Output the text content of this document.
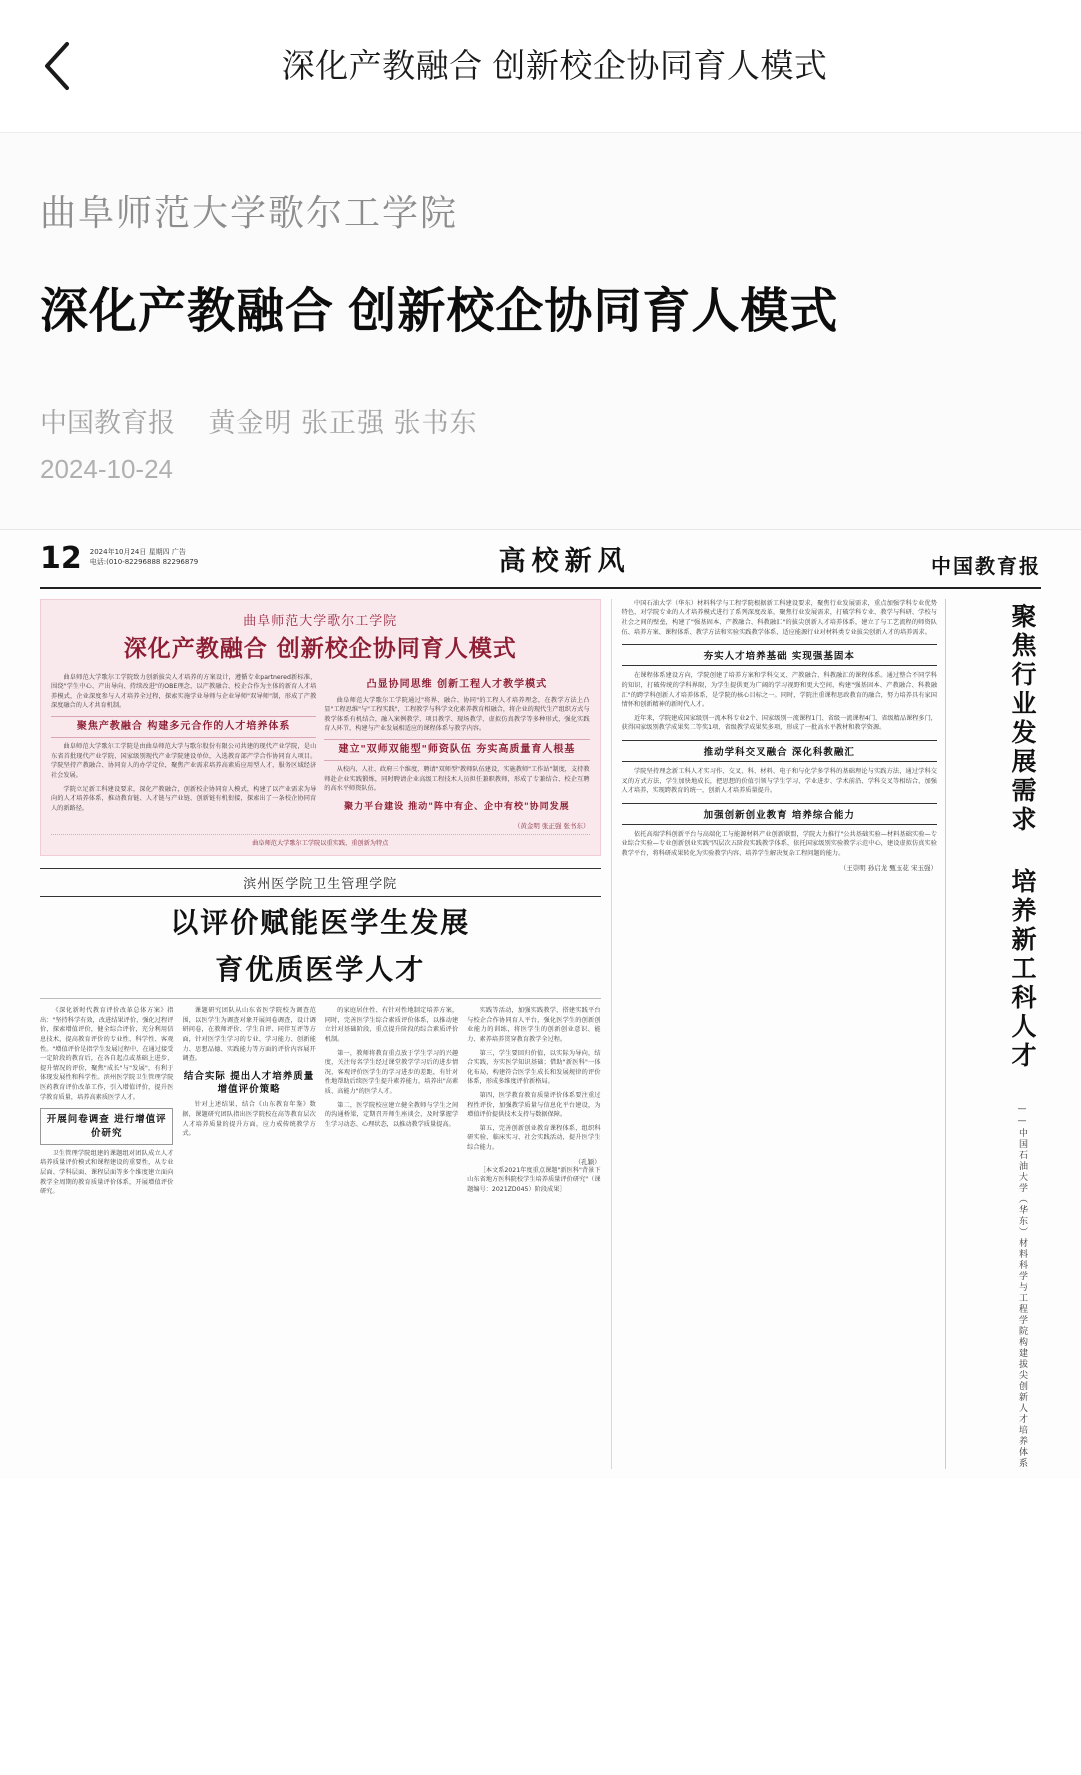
深化产教融合 创新校企协同育人模式
曲阜师范大学歌尔工学院
深化产教融合 创新校企协同育人模式
中国教育报 黄金明 张正强 张书东
2024-10-24
12 2024年10月24日 星期四 广告
电话:(010-82296888 82296879	高校新风	中国教育报
曲阜师范大学歌尔工学院
深化产教融合 创新校企协同育人模式

曲阜师范大学歌尔工学院致力创新拔尖人才培养的方案设计，遵循专业partnered新标准，围绕"学生中心、产出导向、持续改进"的OBE理念，以产教融合、校企合作为主体的新育人才培养模式，企业深度参与人才培养全过程，探索实施学业导师与企业导师"双导师"制，形成了产教深度融合的人才共育机制。

聚焦产教融合 构建多元合作的人才培养体系

曲阜师范大学歌尔工学院是由曲阜师范大学与歌尔股份有限公司共建的现代产业学院，是山东省首批现代产业学院、国家级别现代产业学院建设单位，入选教育部产学合作协同育人项目。学院坚持产教融合、协同育人的办学定位，聚焦产业需求培养高素质应用型人才，服务区域经济社会发展。

学院立足新工科建设要求，深化产教融合，创新校企协同育人模式，构建了以产业需求为导向的人才培养体系，推动教育链、人才链与产业链、创新链有机衔接，探索出了一条校企协同育人的新路径。

凸显协同思维 创新工程人才教学模式

曲阜师范大学歌尔工学院通过"将界、融合、协同"的工程人才培养理念，在教学方法上凸显"工程思维"与"工程实践"，工程教学与科学文化素养教育相融合，将企业的现代生产组织方式与教学体系有机结合，融入案例教学、项目教学、现场教学、虚拟仿真教学等多种形式，强化实践育人环节，构建与产业发展相适应的课程体系与教学内容。

建立"双师双能型"师资队伍 夯实高质量育人根基

从校内、人社、政府三个维度，聘请"双师型"教师队伍建设，实施教师"工作站"制度，支持教师赴企业实践锻炼，同时聘请企业高级工程技术人员担任兼职教师，形成了专兼结合、校企互聘的高水平师资队伍。

聚力平台建设 推动"阵中有企、企中有校"协同发展
（黄金明 张正强 张书东）
曲阜师范大学歌尔工学院以重实践、重创新为特点
滨州医学院卫生管理学院
以评价赋能医学生发展
育优质医学人才

《深化新时代教育评价改革总体方案》指出："坚持科学有效，改进结果评价，强化过程评价，探索增值评价，健全综合评价，充分利用信息技术，提高教育评价的专业性、科学性、客观性。"增值评价是指学生发展过程中，在通过接受一定阶段的教育后，在各自起点或基础上进步、提升情况的评价，聚焦"成长"与"发展"，有利于体现发展性和科学性。滨州医学院卫生管理学院医药教育评价改革工作，引入增值评价，提升医学教育质量，培养高素质医学人才。

开展问卷调查 进行增值评价研究

卫生管理学院组建的课题组对团队成立人才培养质量评价模式和课程建设的重要性，从专业层面、学科层面、课程层面等多个维度建立面向教学全周期的教育质量评价体系，开展增值评价研究。

课题研究团队从山东省医学院校为调查范围，以医学生为调查对象开展问卷调查，设计调研问卷，在教师评价、学生自评、同伴互评等方面，针对医学生学习的专业、学习能力、创新能力、思想品德、实践能力等方面的评价内容展开调查。

结合实际 提出人才培养质量增值评价策略

针对上述结果，结合《山东教育年鉴》数据，课题研究团队指出医学院校在高等教育层次人才培养质量的提升方面，应力戒传统教学方式。

的家庭居住性、有针对性地制定培养方案，同时，完善医学生综合素质评价体系，以推动建立针对基础阶段、重点提升阶段的综合素质评价机制。

第一，教师将教育重点放于学生学习的兴趣度，关注每名学生经过课堂教学学习后的进步情况，客观评价医学生的学习进步的差距，有针对性地帮助后续医学生提升素养能力，培养出"高素质、高能力"的医学人才。

第二，医学院校应建立健全教师与学生之间的沟通桥梁，定期召开师生座谈会，及时掌握学生学习动态、心理状态，以推动教学质量提高。

实践等活动，加强实践教学，搭建实践平台与校企合作协同育人平台，强化医学生的创新创业能力的训练，将医学生的创新创业意识、能力、素养培养贯穿教育教学全过程。

第三，学生要回归价值，以实际为导向，结合实践，夯实医学知识基础；借助"新医科"一体化布局，构建符合医学生成长和发展规律的评价体系，形成多维度评价新格局。

第四，医学教育教育质量评价体系要注重过程性评价，加强教学质量与信息化平台建设，为增值评价提供技术支持与数据保障。

第五，完善创新创业教育课程体系，组织科研实验、临床实习、社会实践活动，提升医学生综合能力。

（孔颖）

［本文系2021年度重点课题"新医科"背景下山东省地方医科院校学生培养质量评价研究"（课题编号：2021ZD045）阶段成果］

中国石油大学（华东）材料科学与工程学院根据新工科建设要求，聚焦行业发展需求，重点加强学科专业优势特色，对学院专业的人才培养模式进行了系列深度改革，聚焦行业发展需求，打破学科专业、教学与科研、学校与社会之间的壁垒，构建了"强基固本、产教融合、科教融汇"的拔尖创新人才培养体系，建立了与工艺流程的师资队伍、培养方案、课程体系、教学方法和实验实践教学体系，适应能源行业对材料类专业拔尖创新人才的培养需求。

夯实人才培养基础 实现强基固本

在课程体系建设方向，学院创建了培养方案和学科交叉、产教融合、科教融汇的课程体系。通过整合不同学科的知识，打破传统的学科界限，为学生提供更为广阔的学习视野和更大空间，构建"强基固本、产教融合、科教融汇"的跨学科创新人才培养体系，是学院的核心目标之一。同时，学院注重课程思政教育的融合，努力培养具有家国情怀和创新精神的新时代人才。

近年来，学院建成国家级别一流本科专业2个、国家级别一流课程1门、省级一流课程4门、省级精品课程多门，获得国家级别教学成果奖二等奖1项、省级教学成果奖多项，形成了一批高水平教材和教学资源。

推动学科交叉融合 深化科教融汇

学院坚持理念新工科人才实习作、交叉、科、材料、电子和与化学多学科的基础理论与实践方法，通过学科交叉的方式方法，学生加快地成长，把思想的价值引领与学生学习、学业进步、学术前沿、学科交叉等相结合，加强人才培养，实现跨教育的统一，创新人才培养质量提升。

加强创新创业教育 培养综合能力

依托高端学科创新平台与高端化工与能源材料产业创新联盟，学院大力推行"公共基础实验—材料基础实验—专业综合实验—专业创新创业实践"四层次五阶段实践教学体系，依托国家级别实验教学示范中心，建设虚拟仿真实验教学平台，将科研成果转化为实验教学内容，培养学生解决复杂工程问题的能力。

（王崇明 孙启龙 甄玉花 宋玉强）	聚焦行业发展需求 培养新工科人才 ——中国石油大学（华东）材料科学与工程学院构建拔尖创新人才培养体系
